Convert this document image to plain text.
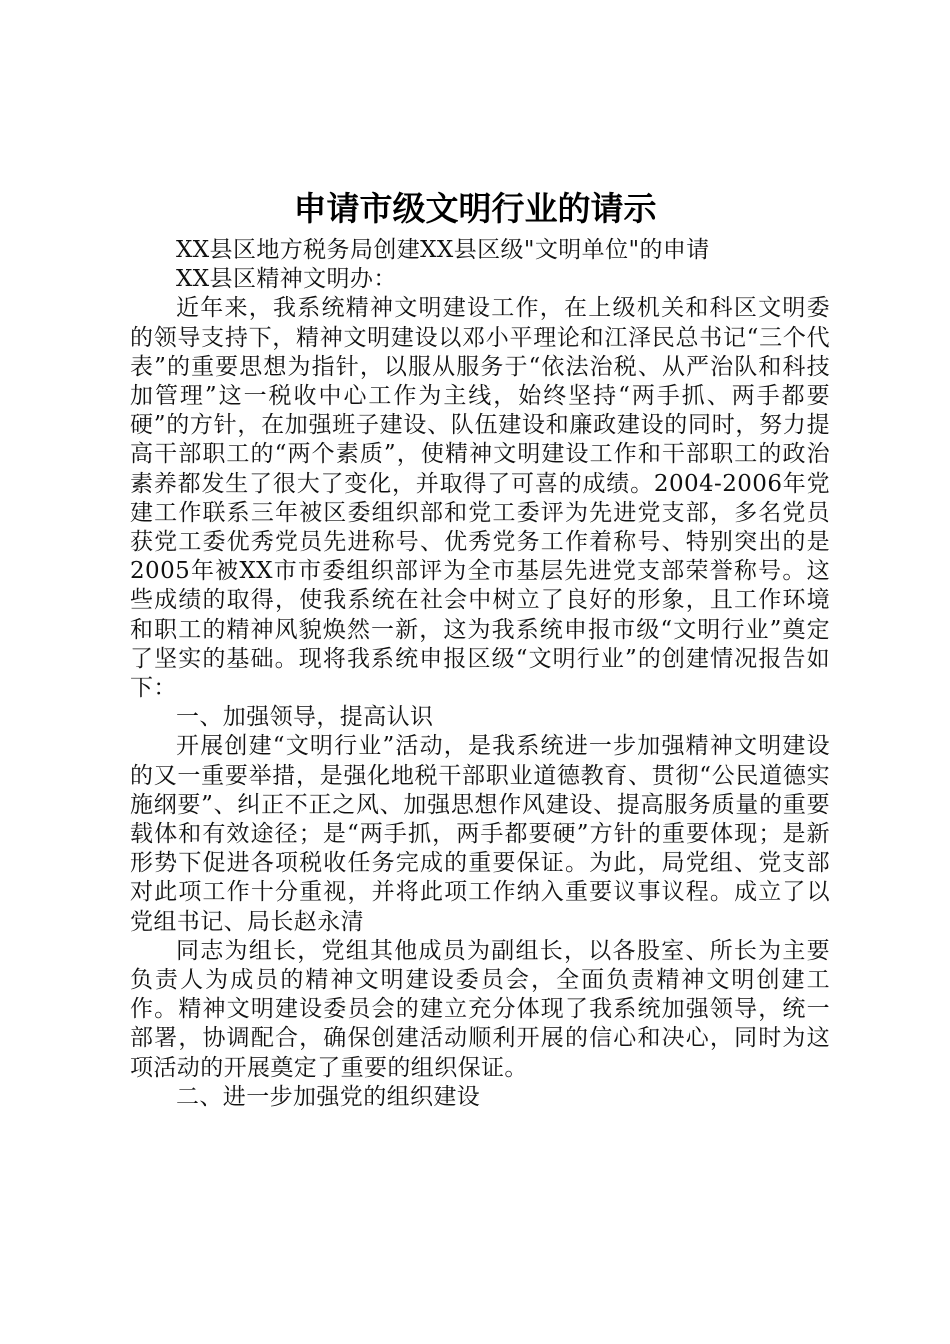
申请市级文明行业的请示

XX县区地方税务局创建XX县区级"文明单位"的申请

XX县区精神文明办：

近年来，我系统精神文明建设工作，在上级机关和科区文明委的领导支持下，精神文明建设以邓小平理论和江泽民总书记“三个代表”的重要思想为指针，以服从服务于“依法治税、从严治队和科技加管理”这一税收中心工作为主线，始终坚持“两手抓、两手都要硬”的方针，在加强班子建设、队伍建设和廉政建设的同时，努力提高干部职工的“两个素质”，使精神文明建设工作和干部职工的政治素养都发生了很大了变化，并取得了可喜的成绩。2004-2006年党建工作联系三年被区委组织部和党工委评为先进党支部，多名党员获党工委优秀党员先进称号、优秀党务工作着称号、特别突出的是2005年被XX市市委组织部评为全市基层先进党支部荣誉称号。这些成绩的取得，使我系统在社会中树立了良好的形象，且工作环境和职工的精神风貌焕然一新，这为我系统申报市级“文明行业”奠定了坚实的基础。现将我系统申报区级“文明行业”的创建情况报告如下：

一、加强领导，提高认识

开展创建“文明行业”活动，是我系统进一步加强精神文明建设的又一重要举措，是强化地税干部职业道德教育、贯彻“公民道德实施纲要”、纠正不正之风、加强思想作风建设、提高服务质量的重要载体和有效途径；是“两手抓，两手都要硬”方针的重要体现；是新形势下促进各项税收任务完成的重要保证。为此，局党组、党支部对此项工作十分重视，并将此项工作纳入重要议事议程。成立了以党组书记、局长赵永清

同志为组长，党组其他成员为副组长，以各股室、所长为主要负责人为成员的精神文明建设委员会，全面负责精神文明创建工作。精神文明建设委员会的建立充分体现了我系统加强领导，统一部署，协调配合，确保创建活动顺利开展的信心和决心，同时为这项活动的开展奠定了重要的组织保证。

二、进一步加强党的组织建设
